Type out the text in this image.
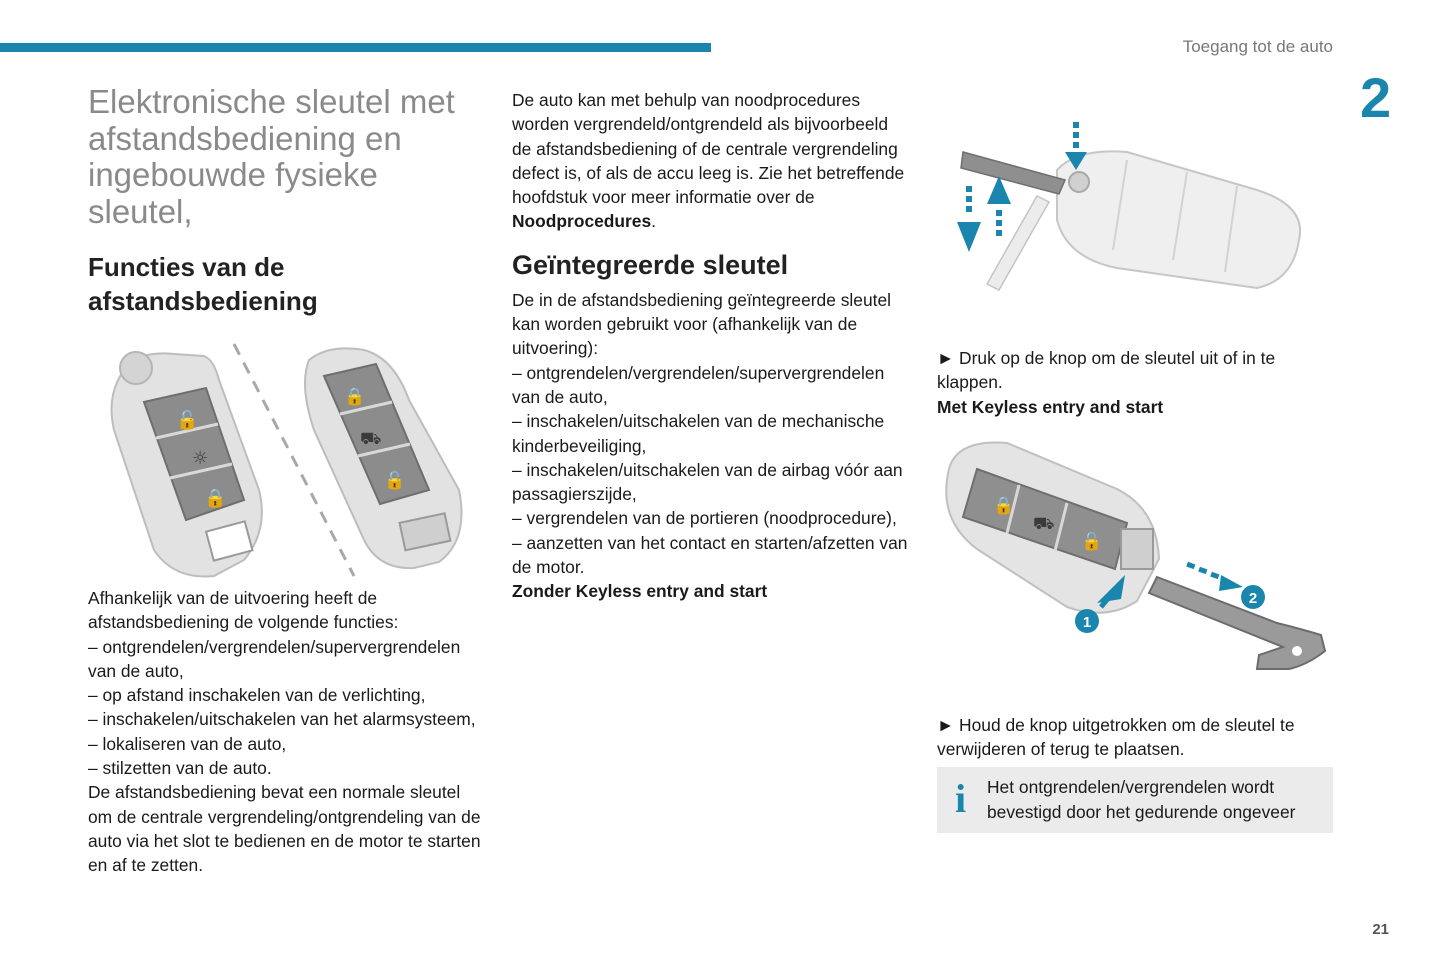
Toegang tot de auto
2
21
Elektronische sleutel met afstandsbediening en ingebouwde fysieke sleutel,
Functies van de afstandsbediening
🔓
☼
🔒
🔒
⛟
🔓

Afhankelijk van de uitvoering heeft de afstandsbediening de volgende functies:

– ontgrendelen/vergrendelen/supervergrendelen van de auto,

– op afstand inschakelen van de verlichting,

– inschakelen/uitschakelen van het alarmsysteem,

– lokaliseren van de auto,

– stilzetten van de auto.

De afstandsbediening bevat een normale sleutel om de centrale vergrendeling/ontgrendeling van de auto via het slot te bedienen en de motor te starten en af te zetten.

De auto kan met behulp van noodprocedures worden vergrendeld/ontgrendeld als bijvoorbeeld de afstandsbediening of de centrale vergrendeling defect is, of als de accu leeg is. Zie het betreffende hoofdstuk voor meer informatie over de Noodprocedures.

Geïntegreerde sleutel

De in de afstandsbediening geïntegreerde sleutel kan worden gebruikt voor (afhankelijk van de uitvoering):

– ontgrendelen/vergrendelen/supervergrendelen van de auto,

– inschakelen/uitschakelen van de mechanische kinderbeveiliging,

– inschakelen/uitschakelen van de airbag vóór aan passagierszijde,

– vergrendelen van de portieren (noodprocedure),

– aanzetten van het contact en starten/afzetten van de motor.

Zonder Keyless entry and start

► Druk op de knop om de sleutel uit of in te klappen.

Met Keyless entry and start

🔒
⛟
🔓
1
2

► Houd de knop uitgetrokken om de sleutel te verwijderen of terug te plaatsen.

i Het ontgrendelen/vergrendelen wordt bevestigd door het gedurende ongeveer
